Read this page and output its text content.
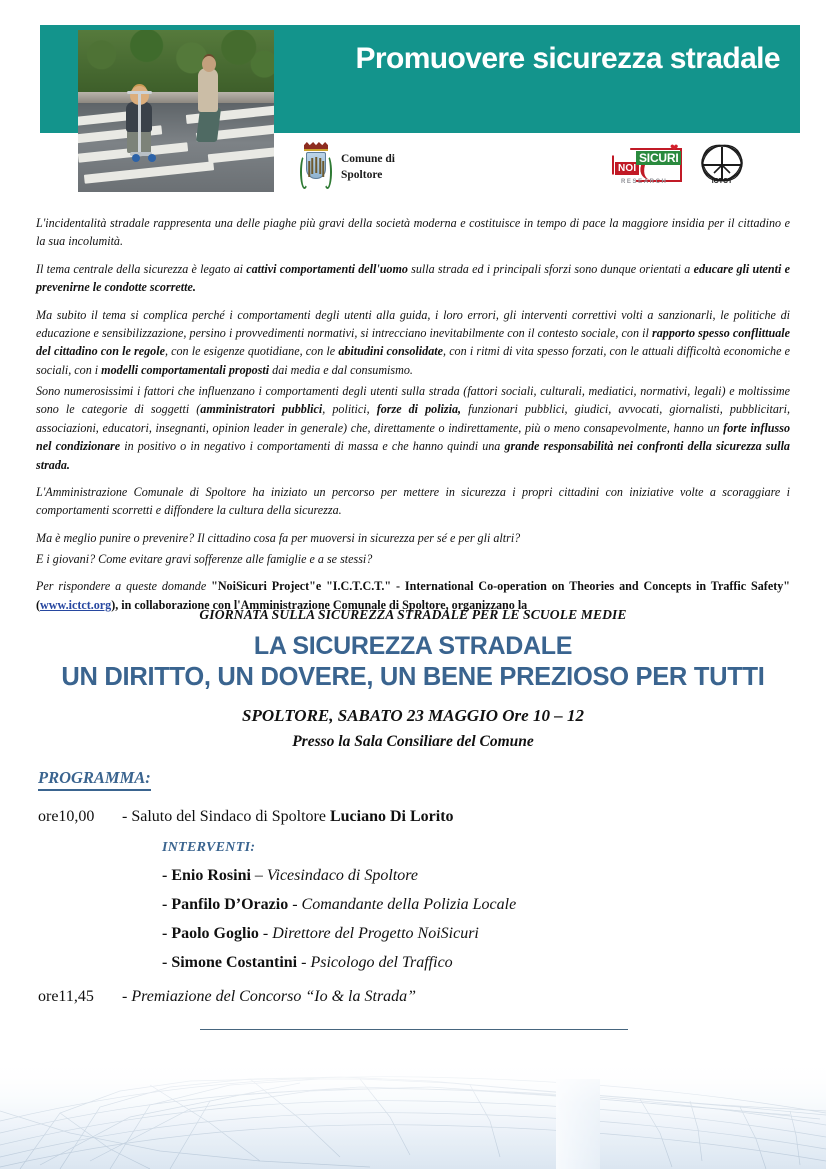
Promuovere sicurezza stradale
Comune di
Spoltore
NOI
SICURI
❤
RESEARCH	ICTCT

L'incidentalità stradale rappresenta una delle piaghe più gravi della società moderna e costituisce in tempo di pace la maggiore insidia per il cittadino e la sua incolumità.

Il tema centrale della sicurezza è legato ai cattivi comportamenti dell'uomo sulla strada ed i principali sforzi sono dunque orientati a educare gli utenti e prevenirne le condotte scorrette.

Ma subito il tema si complica perché i comportamenti degli utenti alla guida, i loro errori, gli interventi correttivi volti a sanzionarli, le politiche di educazione e sensibilizzazione, persino i provvedimenti normativi, si intrecciano inevitabilmente con il contesto sociale, con il rapporto spesso conflittuale del cittadino con le regole, con le esigenze quotidiane, con le abitudini consolidate, con i ritmi di vita spesso forzati, con le attuali difficoltà economiche e sociali, con i modelli comportamentali proposti dai media e dal consumismo.

Sono numerosissimi i fattori che influenzano i comportamenti degli utenti sulla strada (fattori sociali, culturali, mediatici, normativi, legali) e moltissime sono le categorie di soggetti (amministratori pubblici, politici, forze di polizia, funzionari pubblici, giudici, avvocati, giornalisti, pubblicitari, associazioni, educatori, insegnanti, opinion leader in generale) che, direttamente o indirettamente, più o meno consapevolmente, hanno un forte influsso nel condizionare in positivo o in negativo i comportamenti di massa e che hanno quindi una grande responsabilità nei confronti della sicurezza sulla strada.

L'Amministrazione Comunale di Spoltore ha iniziato un percorso per mettere in sicurezza i propri cittadini con iniziative volte a scoraggiare i comportamenti scorretti e diffondere la cultura della sicurezza.

Ma è meglio punire o prevenire? Il cittadino cosa fa per muoversi in sicurezza per sé e per gli altri?

E i giovani? Come evitare gravi sofferenze alle famiglie e a se stessi?

Per rispondere a queste domande "NoiSicuri Project"e "I.C.T.C.T." - International Co-operation on Theories and Concepts in Traffic Safety" (www.ictct.org), in collaborazione con l'Amministrazione Comunale di Spoltore, organizzano la

GIORNATA SULLA SICUREZZA STRADALE PER LE SCUOLE MEDIE
LA SICUREZZA STRADALE
UN DIRITTO, UN DOVERE, UN BENE PREZIOSO PER TUTTI
SPOLTORE, SABATO 23 MAGGIO Ore 10 – 12
Presso la Sala Consiliare del Comune
PROGRAMMA:
ore10,00	- Saluto del Sindaco di Spoltore Luciano Di Lorito
INTERVENTI:
- Enio Rosini – Vicesindaco di Spoltore
- Panfilo D’Orazio - Comandante della Polizia Locale
- Paolo Goglio - Direttore del Progetto NoiSicuri
- Simone Costantini - Psicologo del Traffico
ore11,45	- Premiazione del Concorso “Io & la Strada”
